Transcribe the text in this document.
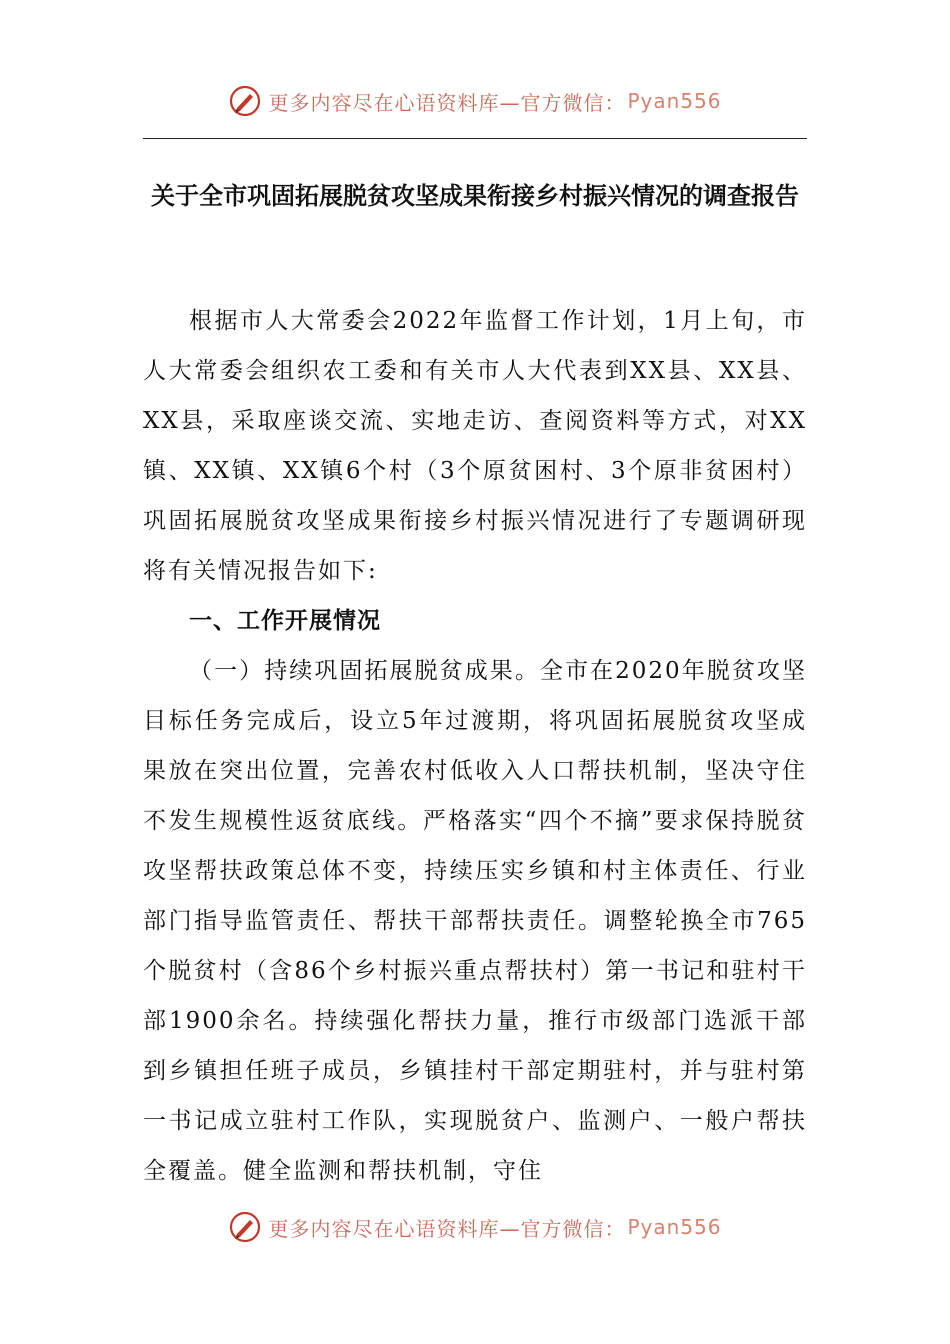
更多内容尽在心语资料库—官方微信： Pyan556
关于全市巩固拓展脱贫攻坚成果衔接乡村振兴情况的调查报告

根据市人大常委会2022年监督工作计划，1月上旬，市人大常委会组织农工委和有关市人大代表到XX县、XX县、XX县，采取座谈交流、实地走访、查阅资料等方式，对XX镇、XX镇、XX镇6个村（3个原贫困村、3个原非贫困村）巩固拓展脱贫攻坚成果衔接乡村振兴情况进行了专题调研现将有关情况报告如下:

一、工作开展情况

（一）持续巩固拓展脱贫成果。全市在2020年脱贫攻坚目标任务完成后，设立5年过渡期，将巩固拓展脱贫攻坚成果放在突出位置，完善农村低收入人口帮扶机制，坚决守住不发生规模性返贫底线。严格落实“四个不摘”要求保持脱贫攻坚帮扶政策总体不变，持续压实乡镇和村主体责任、行业部门指导监管责任、帮扶干部帮扶责任。调整轮换全市765个脱贫村（含86个乡村振兴重点帮扶村）第一书记和驻村干部1900余名。持续强化帮扶力量，推行市级部门选派干部到乡镇担任班子成员，乡镇挂村干部定期驻村，并与驻村第一书记成立驻村工作队，实现脱贫户、监测户、一般户帮扶全覆盖。健全监测和帮扶机制，守住

更多内容尽在心语资料库—官方微信： Pyan556
